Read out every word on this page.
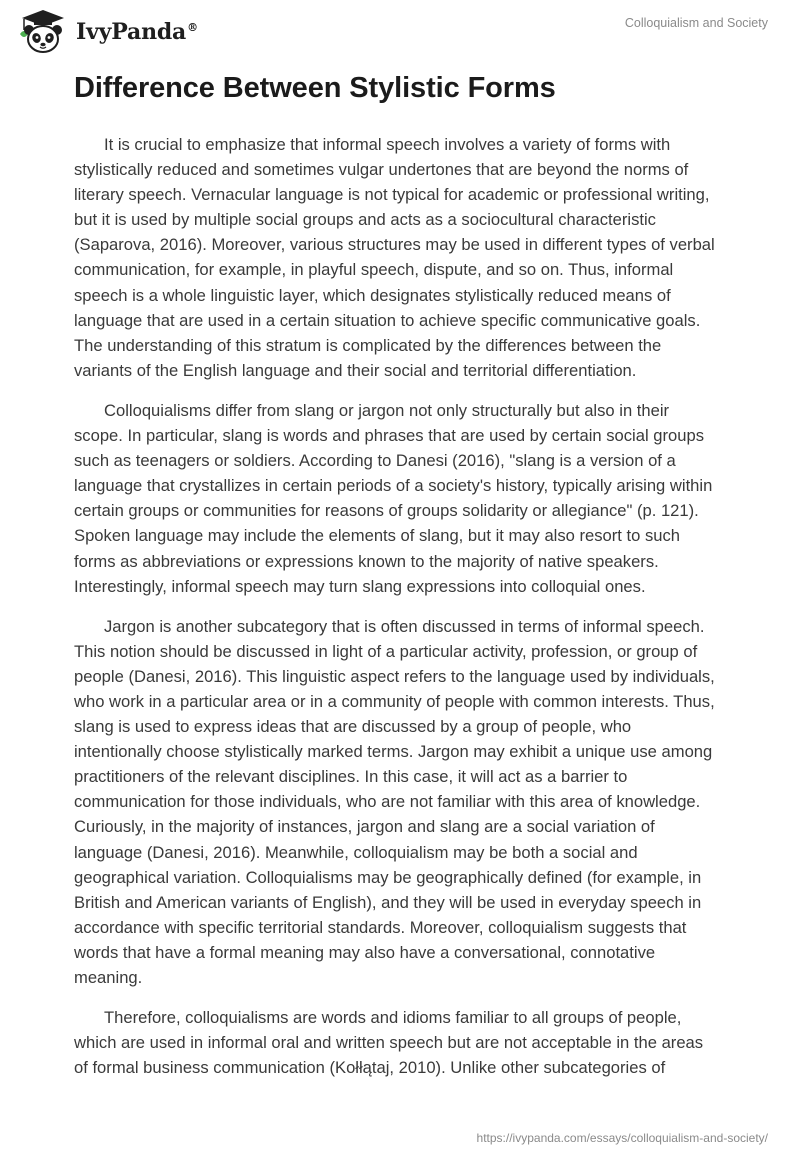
IvyPanda®	Colloquialism and Society
Difference Between Stylistic Forms

It is crucial to emphasize that informal speech involves a variety of forms with
stylistically reduced and sometimes vulgar undertones that are beyond the norms of
literary speech. Vernacular language is not typical for academic or professional writing,
but it is used by multiple social groups and acts as a sociocultural characteristic
(Saparova, 2016). Moreover, various structures may be used in different types of verbal
communication, for example, in playful speech, dispute, and so on. Thus, informal
speech is a whole linguistic layer, which designates stylistically reduced means of
language that are used in a certain situation to achieve specific communicative goals.
The understanding of this stratum is complicated by the differences between the
variants of the English language and their social and territorial differentiation.

Colloquialisms differ from slang or jargon not only structurally but also in their
scope. In particular, slang is words and phrases that are used by certain social groups
such as teenagers or soldiers. According to Danesi (2016), "slang is a version of a
language that crystallizes in certain periods of a society's history, typically arising within
certain groups or communities for reasons of groups solidarity or allegiance" (p. 121).
Spoken language may include the elements of slang, but it may also resort to such
forms as abbreviations or expressions known to the majority of native speakers.
Interestingly, informal speech may turn slang expressions into colloquial ones.

Jargon is another subcategory that is often discussed in terms of informal speech.
This notion should be discussed in light of a particular activity, profession, or group of
people (Danesi, 2016). This linguistic aspect refers to the language used by individuals,
who work in a particular area or in a community of people with common interests. Thus,
slang is used to express ideas that are discussed by a group of people, who
intentionally choose stylistically marked terms. Jargon may exhibit a unique use among
practitioners of the relevant disciplines. In this case, it will act as a barrier to
communication for those individuals, who are not familiar with this area of knowledge.
Curiously, in the majority of instances, jargon and slang are a social variation of
language (Danesi, 2016). Meanwhile, colloquialism may be both a social and
geographical variation. Colloquialisms may be geographically defined (for example, in
British and American variants of English), and they will be used in everyday speech in
accordance with specific territorial standards. Moreover, colloquialism suggests that
words that have a formal meaning may also have a conversational, connotative
meaning.

Therefore, colloquialisms are words and idioms familiar to all groups of people,
which are used in informal oral and written speech but are not acceptable in the areas
of formal business communication (Kołłątaj, 2010). Unlike other subcategories of

https://ivypanda.com/essays/colloquialism-and-society/
